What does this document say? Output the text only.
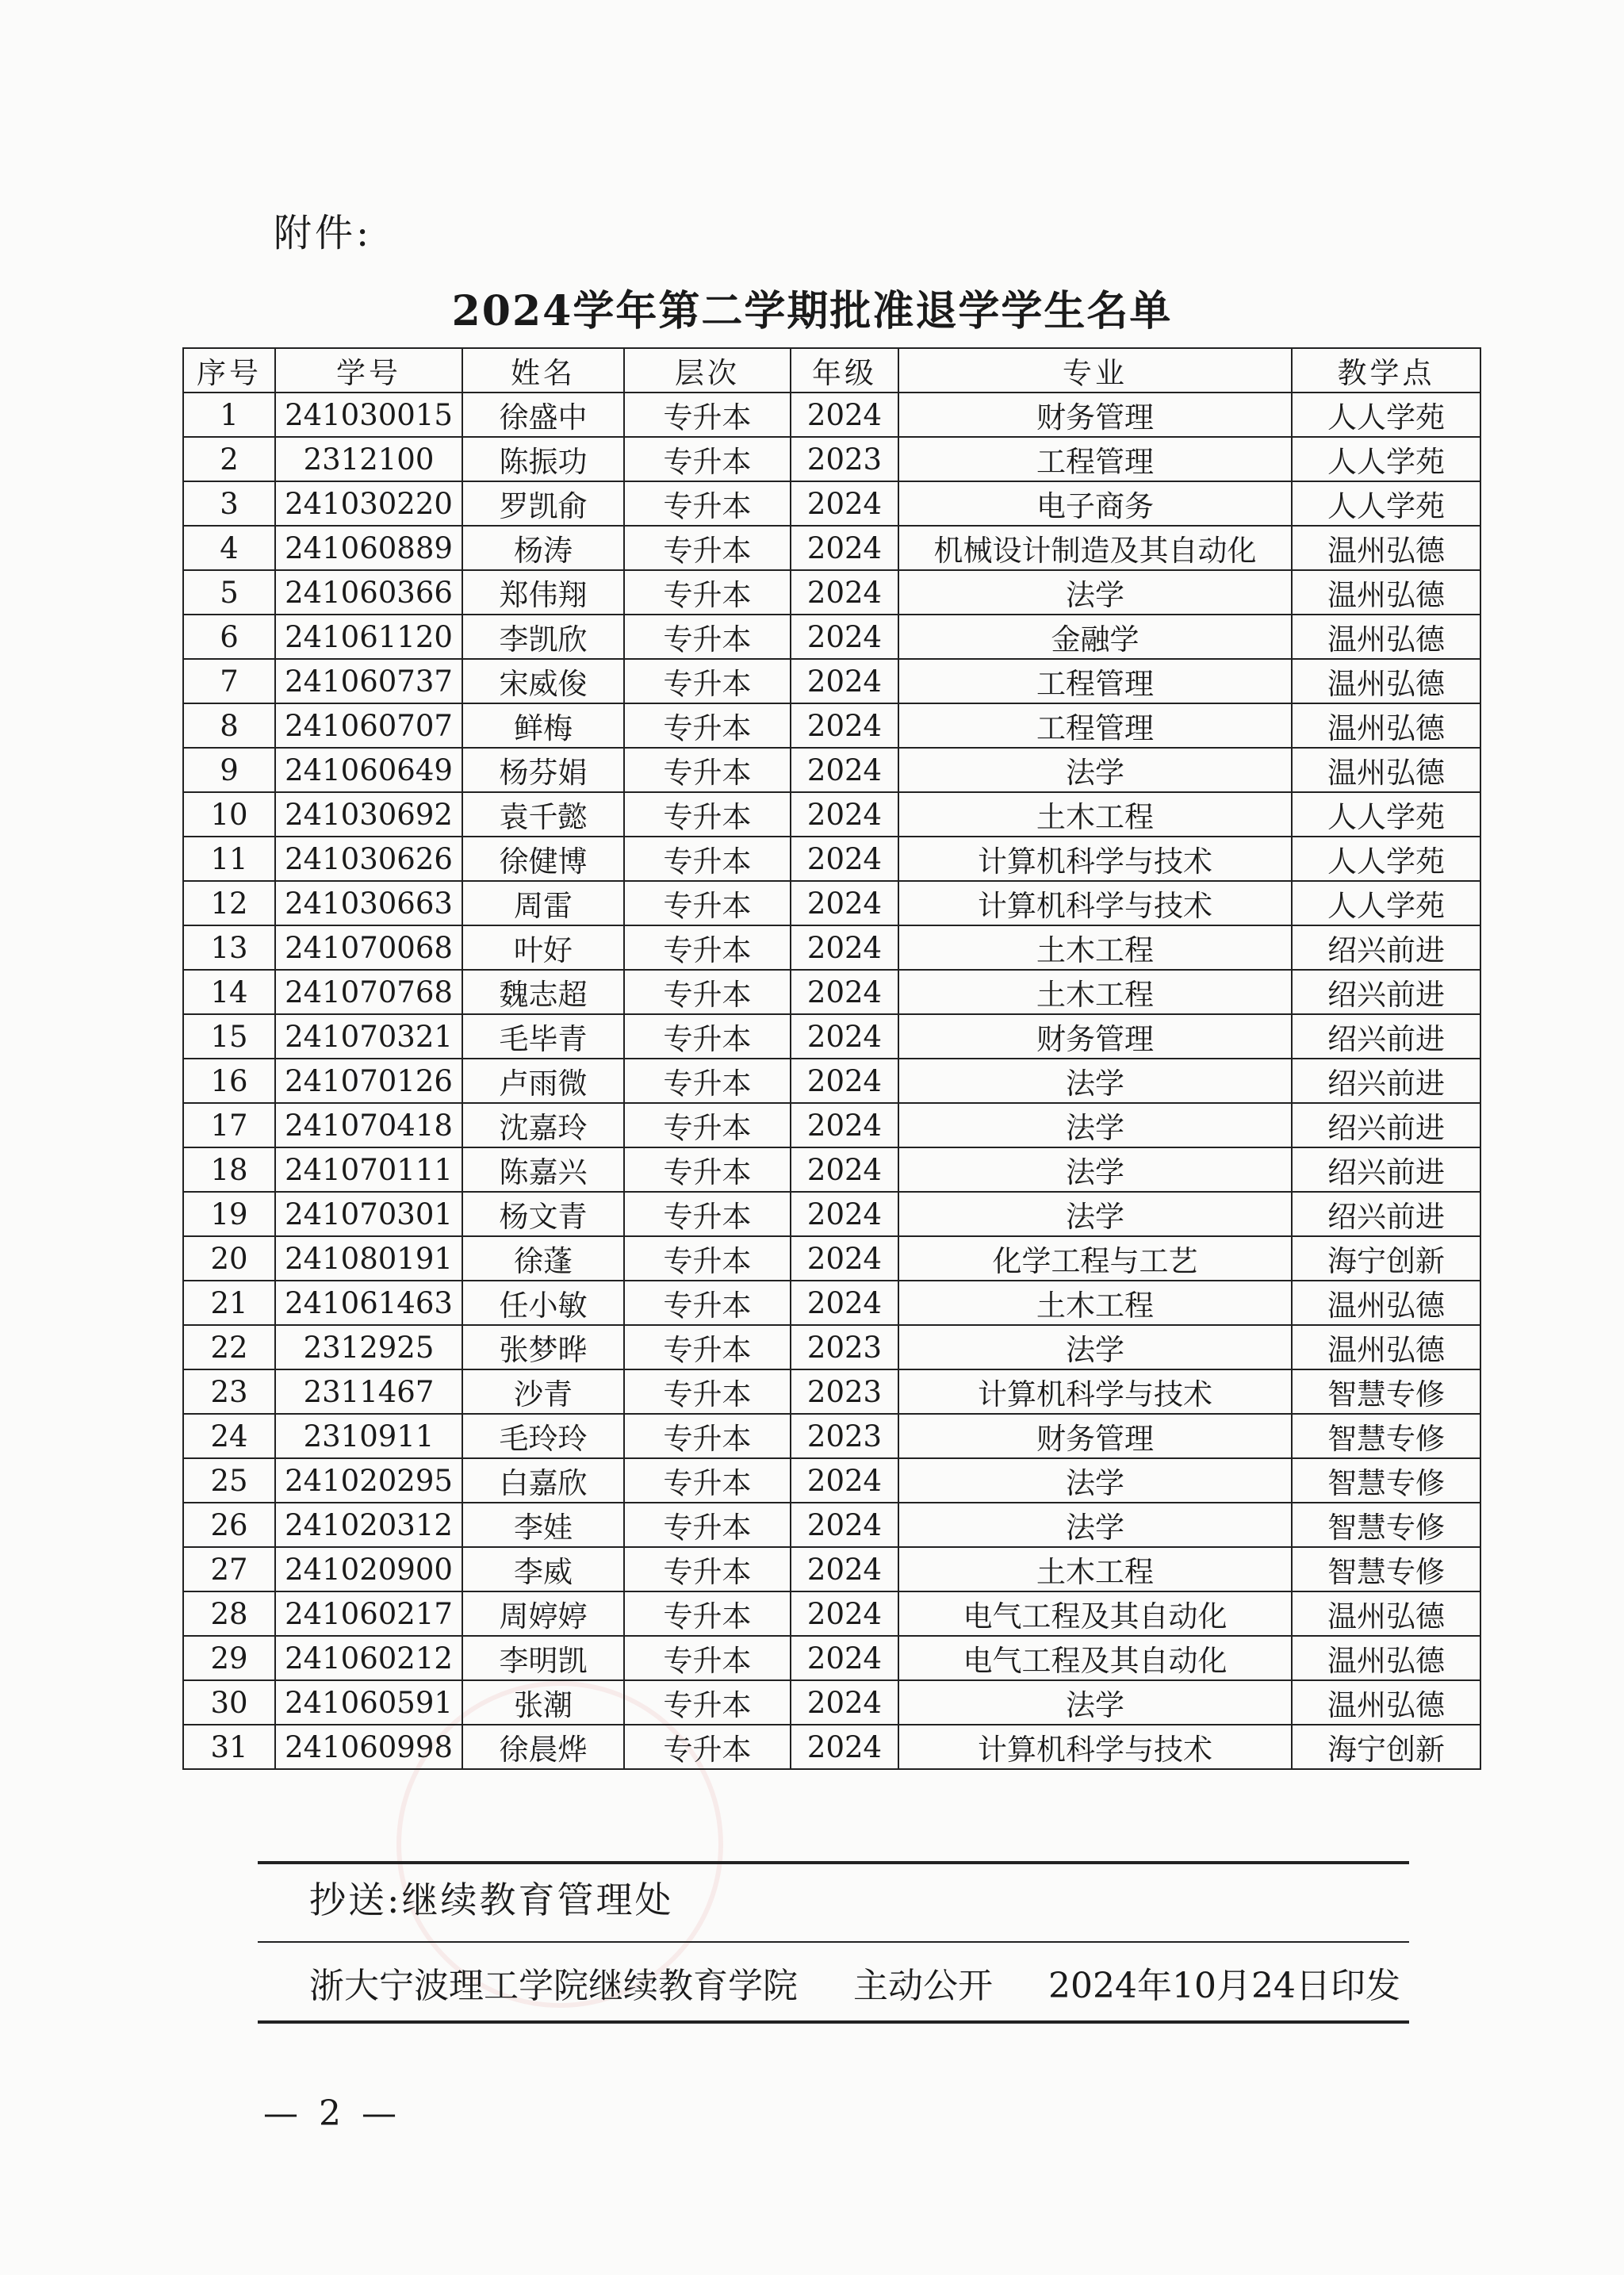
附件:
2024学年第二学期批准退学学生名单
序号	学号	姓名	层次	年级	专业	教学点
1	241030015	徐盛中	专升本	2024	财务管理	人人学苑
2	2312100	陈振功	专升本	2023	工程管理	人人学苑
3	241030220	罗凯俞	专升本	2024	电子商务	人人学苑
4	241060889	杨涛	专升本	2024	机械设计制造及其自动化	温州弘德
5	241060366	郑伟翔	专升本	2024	法学	温州弘德
6	241061120	李凯欣	专升本	2024	金融学	温州弘德
7	241060737	宋威俊	专升本	2024	工程管理	温州弘德
8	241060707	鲜梅	专升本	2024	工程管理	温州弘德
9	241060649	杨芬娟	专升本	2024	法学	温州弘德
10	241030692	袁千懿	专升本	2024	土木工程	人人学苑
11	241030626	徐健博	专升本	2024	计算机科学与技术	人人学苑
12	241030663	周雷	专升本	2024	计算机科学与技术	人人学苑
13	241070068	叶好	专升本	2024	土木工程	绍兴前进
14	241070768	魏志超	专升本	2024	土木工程	绍兴前进
15	241070321	毛毕青	专升本	2024	财务管理	绍兴前进
16	241070126	卢雨微	专升本	2024	法学	绍兴前进
17	241070418	沈嘉玲	专升本	2024	法学	绍兴前进
18	241070111	陈嘉兴	专升本	2024	法学	绍兴前进
19	241070301	杨文青	专升本	2024	法学	绍兴前进
20	241080191	徐蓬	专升本	2024	化学工程与工艺	海宁创新
21	241061463	任小敏	专升本	2024	土木工程	温州弘德
22	2312925	张梦晔	专升本	2023	法学	温州弘德
23	2311467	沙青	专升本	2023	计算机科学与技术	智慧专修
24	2310911	毛玲玲	专升本	2023	财务管理	智慧专修
25	241020295	白嘉欣	专升本	2024	法学	智慧专修
26	241020312	李娃	专升本	2024	法学	智慧专修
27	241020900	李威	专升本	2024	土木工程	智慧专修
28	241060217	周婷婷	专升本	2024	电气工程及其自动化	温州弘德
29	241060212	李明凯	专升本	2024	电气工程及其自动化	温州弘德
30	241060591	张潮	专升本	2024	法学	温州弘德
31	241060998	徐晨烨	专升本	2024	计算机科学与技术	海宁创新
抄送:继续教育管理处
浙大宁波理工学院继续教育学院 主动公开 2024年10月24日印发
— 2 —
